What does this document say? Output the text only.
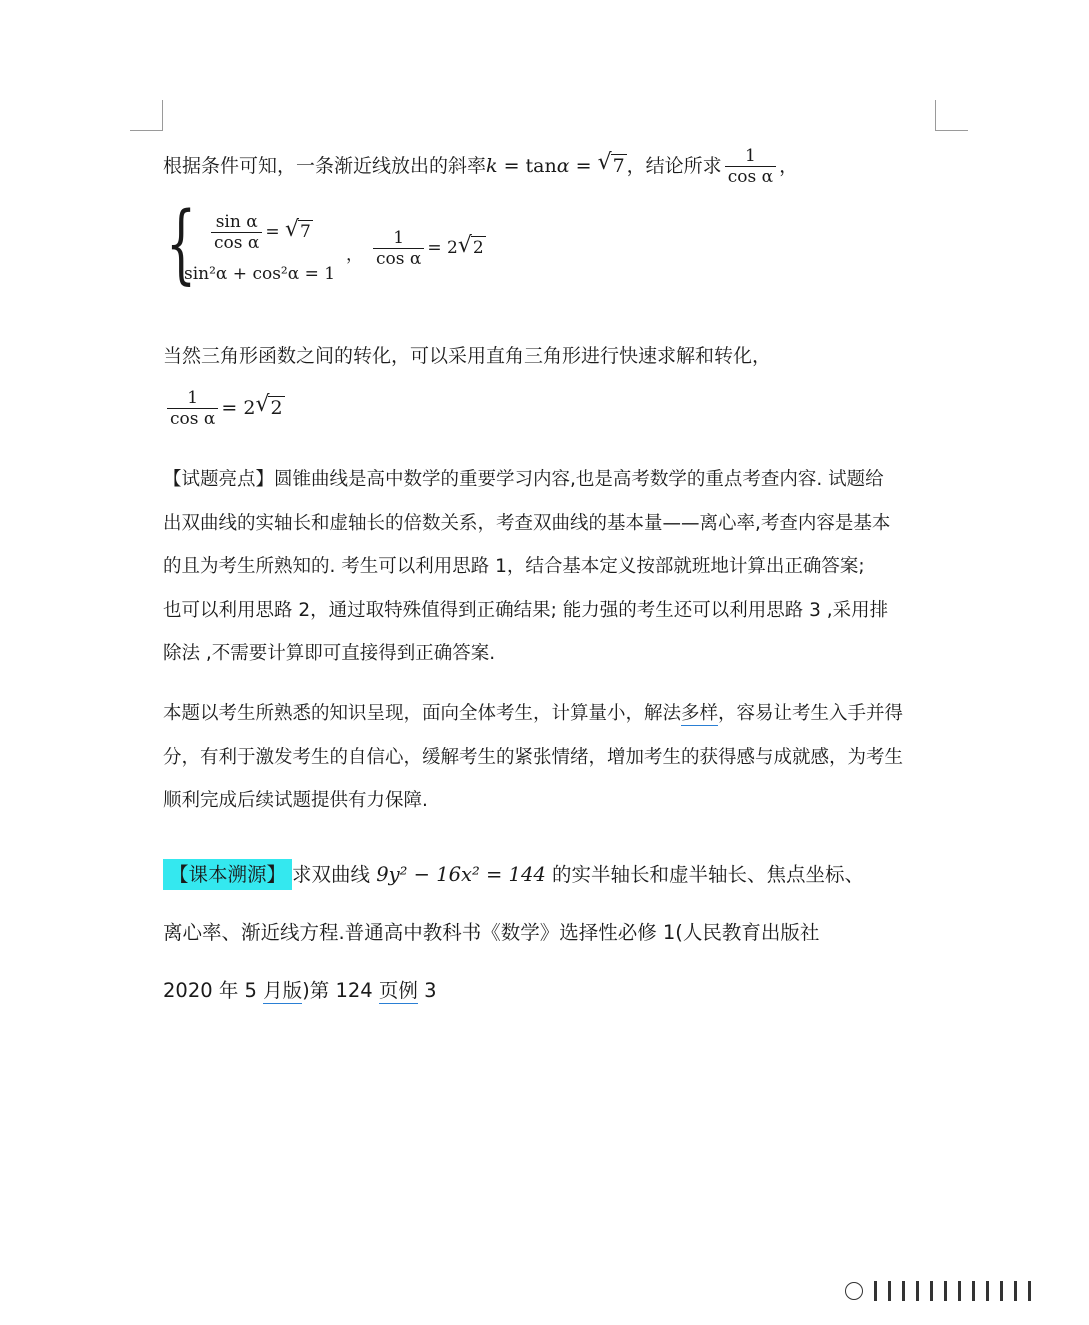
根据条件可知，一条渐近线放出的斜率k = tanα = √ 7 ，结论所求 $\frac{1}{\text{cos α}}$ ，
{ $\frac{\text{sin α}}{\text{cos α}}$ = √ 7
sin²α + cos²α = 1
， $\frac{1}{\text{cos α}} = 2$ √ 2
当然三角形函数之间的转化，可以采用直角三角形进行快速求解和转化，
$\frac{1}{\text{cos α}} = 2$ √ 2
【试题亮点】圆锥曲线是高中数学的重要学习内容,也是高考数学的重点考查内容. 试题给
出双曲线的实轴长和虚轴长的倍数关系，考查双曲线的基本量——离心率,考查内容是基本
的且为考生所熟知的. 考生可以利用思路 1，结合基本定义按部就班地计算出正确答案;
也可以利用思路 2，通过取特殊值得到正确结果; 能力强的考生还可以利用思路 3 ,采用排
除法 ,不需要计算即可直接得到正确答案.
本题以考生所熟悉的知识呈现，面向全体考生，计算量小，解法多样，容易让考生入手并得
分，有利于激发考生的自信心，缓解考生的紧张情绪，增加考生的获得感与成就感，为考生
顺利完成后续试题提供有力保障.
【课本溯源】 求双曲线 9y² − 16x² = 144 的实半轴长和虚半轴长、焦点坐标、
离心率、渐近线方程.普通高中教科书《数学》选择性必修 1(人民教育出版社
2020 年 5 月版)第 124 页例 3
